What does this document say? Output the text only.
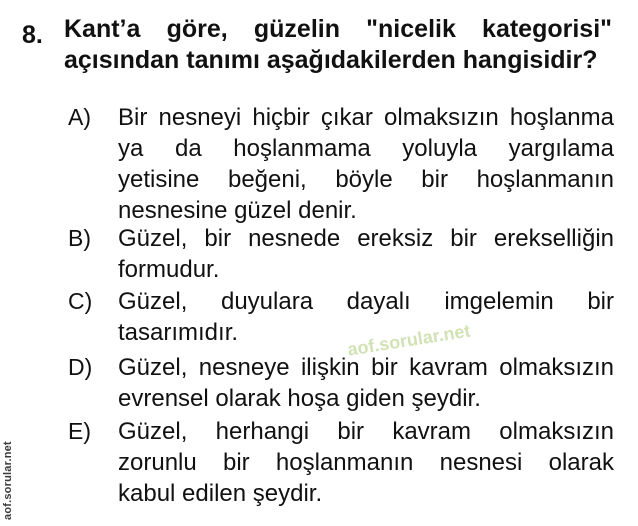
8. Kant’a göre, güzelin "nicelik kategorisi"
açısından tanımı aşağıdakilerden hangisidir?
A) Bir nesneyi hiçbir çıkar olmaksızın hoşlanma
ya da hoşlanmama yoluyla yargılama
yetisine beğeni, böyle bir hoşlanmanın
nesnesine güzel denir.
B) Güzel, bir nesnede ereksiz bir erekselliğin
formudur.
C) Güzel, duyulara dayalı imgelemin bir
tasarımıdır.
D) Güzel, nesneye ilişkin bir kavram olmaksızın
evrensel olarak hoşa giden şeydir.
E) Güzel, herhangi bir kavram olmaksızın
zorunlu bir hoşlanmanın nesnesi olarak
kabul edilen şeydir.
aof.sorular.net
aof.sorular.net
